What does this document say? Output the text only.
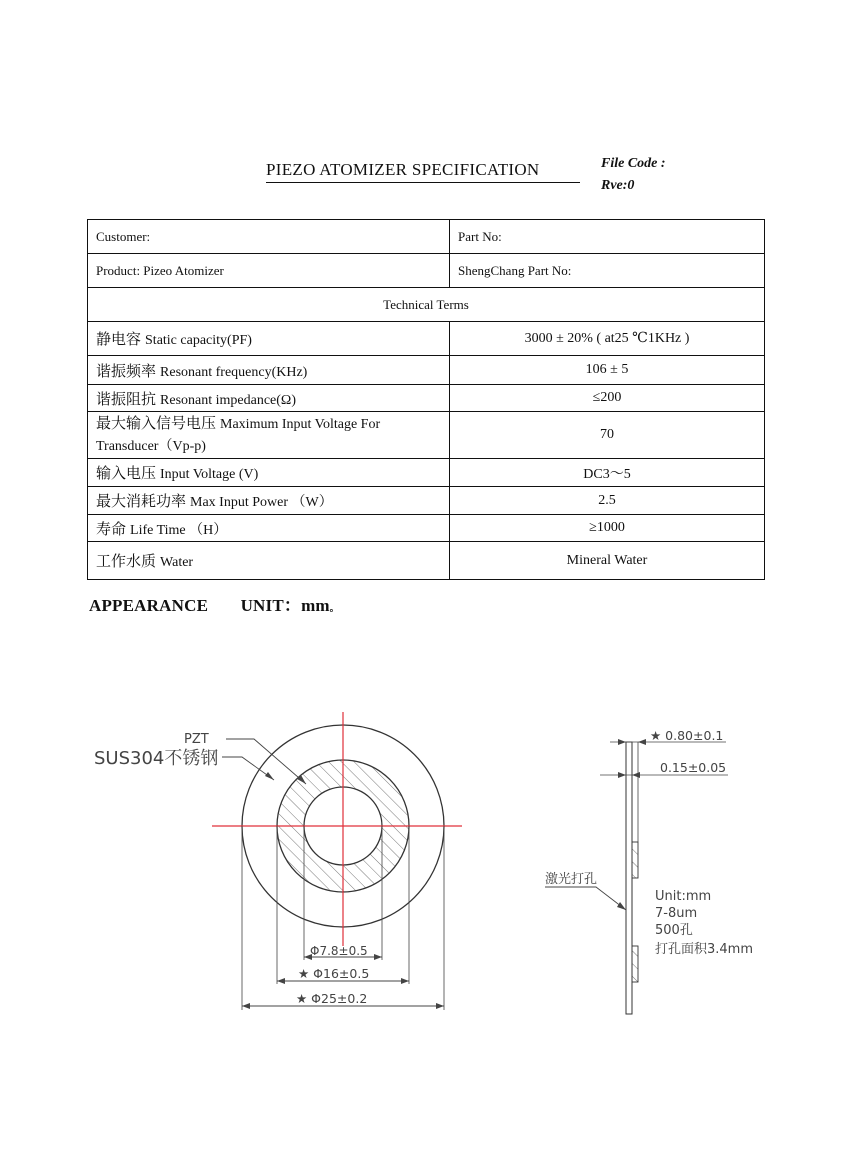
PIEZO ATOMIZER SPECIFICATION	File Code :
Rve:0
Customer:	Part No:
Product: Pizeo Atomizer	ShengChang Part No:
Technical Terms	
静电容 Static capacity(PF)	3000 ± 20% ( at25 ℃1KHz )
谐振频率 Resonant frequency(KHz)	106 ± 5
谐振阻抗 Resonant impedance(Ω)	≤200
最大输入信号电压 Maximum Input Voltage For
Transducer（Vp-p)	70
输入电压 Input Voltage (V)	DC3～5
最大消耗功率 Max Input Power （W）	2.5
寿命 Life Time （H）	≥1000
工作水质 Water	Mineral Water
APPEARANCE UNIT：mm。
Φ7.8±0.5
★ Φ16±0.5
★ Φ25±0.2
PZT
SUS304不锈钢
★ 0.80±0.1
0.15±0.05
激光打孔
Unit:mm
7-8um
500孔
打孔面积3.4mm
